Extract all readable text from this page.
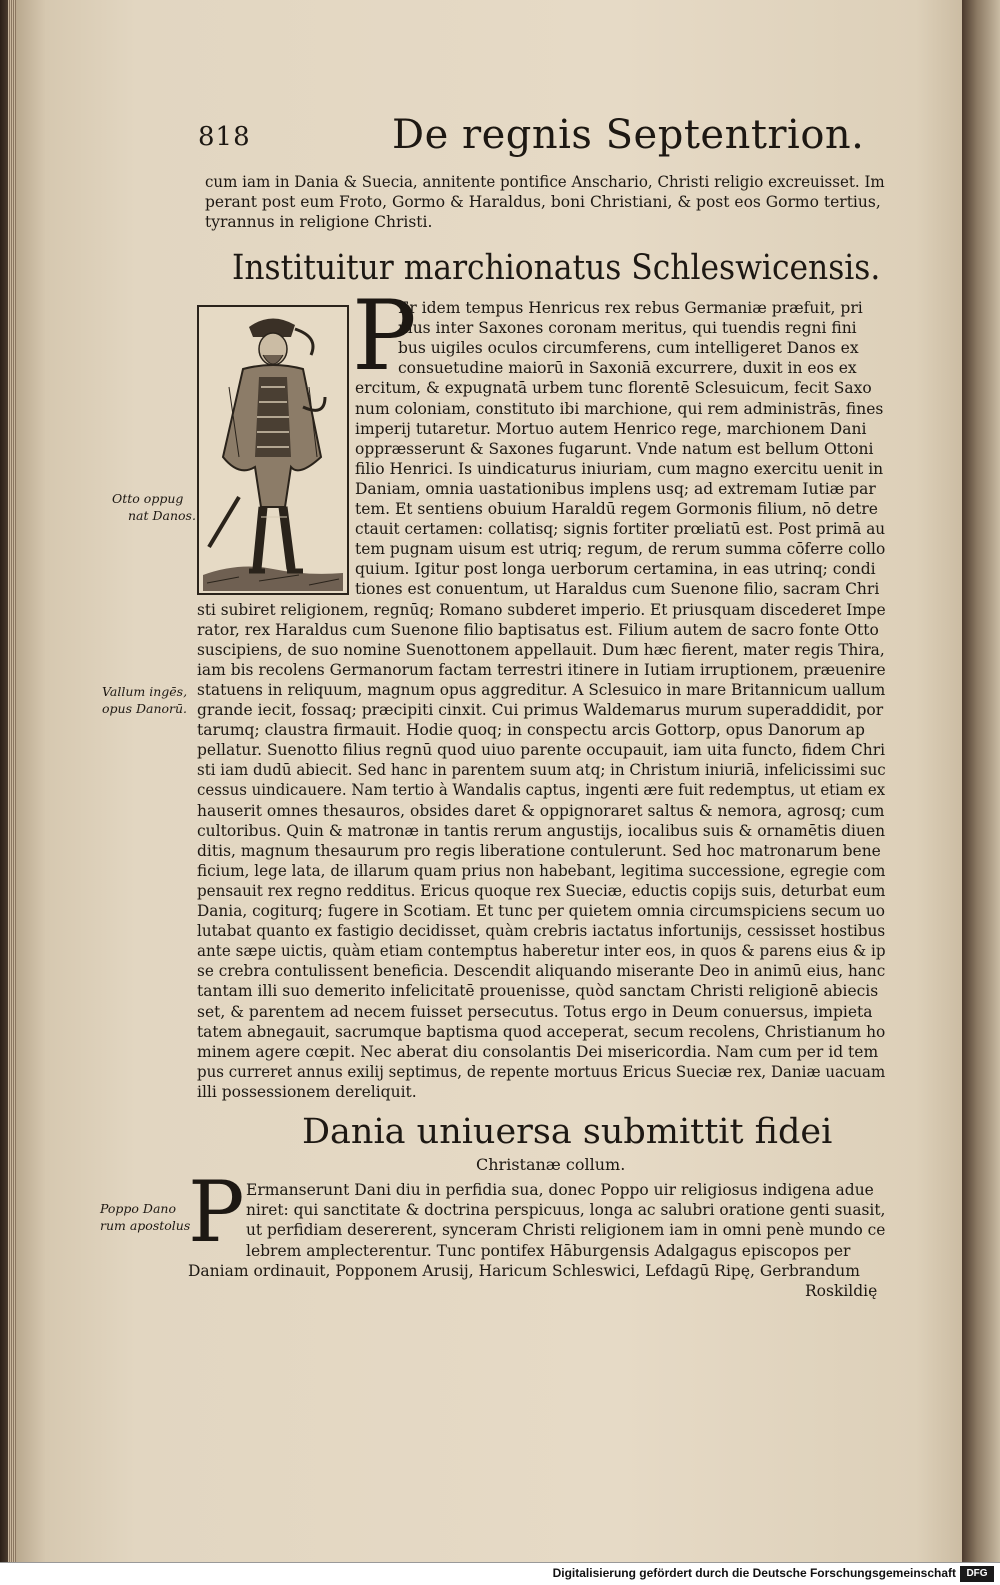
818	De regnis Septentrion.
cum iam in Dania & Suecia, annitente pontifice Anschario, Christi religio excreuisset. Im
perant post eum Froto, Gormo & Haraldus, boni Christiani, & post eos Gormo tertius,
tyrannus in religione Christi.
Instituitur marchionatus Schleswicensis.
P
Er idem tempus Henricus rex rebus Germaniæ præfuit, pri
mus inter Saxones coronam meritus, qui tuendis regni fini
bus uigiles oculos circumferens, cum intelligeret Danos ex
consuetudine maiorū in Saxoniā excurrere, duxit in eos ex
ercitum, & expugnatā urbem tunc florentē Sclesuicum, fecit Saxo
num coloniam, constituto ibi marchione, qui rem administrās, fines
imperij tutaretur. Mortuo autem Henrico rege, marchionem Dani
oppræsserunt & Saxones fugarunt. Vnde natum est bellum Ottoni
filio Henrici. Is uindicaturus iniuriam, cum magno exercitu uenit in
Daniam, omnia uastationibus implens usq; ad extremam Iutiæ par
tem. Et sentiens obuium Haraldū regem Gormonis filium, nō detre
ctauit certamen: collatisq; signis fortiter prœliatū est. Post primā au
tem pugnam uisum est utriq; regum, de rerum summa cōferre collo
quium. Igitur post longa uerborum certamina, in eas utrinq; condi
tiones est conuentum, ut Haraldus cum Suenone filio, sacram Chri
sti subiret religionem, regnūq; Romano subderet imperio. Et priusquam discederet Impe
rator, rex Haraldus cum Suenone filio baptisatus est. Filium autem de sacro fonte Otto
suscipiens, de suo nomine Suenottonem appellauit. Dum hæc fierent, mater regis Thira,
iam bis recolens Germanorum factam terrestri itinere in Iutiam irruptionem, præuenire
statuens in reliquum, magnum opus aggreditur. A Sclesuico in mare Britannicum uallum
grande iecit, fossaq; præcipiti cinxit. Cui primus Waldemarus murum superaddidit, por
tarumq; claustra firmauit. Hodie quoq; in conspectu arcis Gottorp, opus Danorum ap
pellatur. Suenotto filius regnū quod uiuo parente occupauit, iam uita functo, fidem Chri
sti iam dudū abiecit. Sed hanc in parentem suum atq; in Christum iniuriā, infelicissimi suc
cessus uindicauere. Nam tertio à Wandalis captus, ingenti ære fuit redemptus, ut etiam ex
hauserit omnes thesauros, obsides daret & oppignoraret saltus & nemora, agrosq; cum
cultoribus. Quin & matronæ in tantis rerum angustijs, iocalibus suis & ornamētis diuen
ditis, magnum thesaurum pro regis liberatione contulerunt. Sed hoc matronarum bene
ficium, lege lata, de illarum quam prius non habebant, legitima successione, egregie com
pensauit rex regno redditus. Ericus quoque rex Sueciæ, eductis copijs suis, deturbat eum
Dania, cogiturq; fugere in Scotiam. Et tunc per quietem omnia circumspiciens secum uo
lutabat quanto ex fastigio decidisset, quàm crebris iactatus infortunijs, cessisset hostibus
ante sæpe uictis, quàm etiam contemptus haberetur inter eos, in quos & parens eius & ip
se crebra contulissent beneficia. Descendit aliquando miserante Deo in animū eius, hanc
tantam illi suo demerito infelicitatē prouenisse, quòd sanctam Christi religionē abiecis
set, & parentem ad necem fuisset persecutus. Totus ergo in Deum conuersus, impieta
tatem abnegauit, sacrumque baptisma quod acceperat, secum recolens, Christianum ho
minem agere cœpit. Nec aberat diu consolantis Dei misericordia. Nam cum per id tem
pus curreret annus exilij septimus, de repente mortuus Ericus Sueciæ rex, Daniæ uacuam
illi possessionem dereliquit.
Otto oppug
nat Danos.
Vallum ingēs,
opus Danorū.
Poppo Dano
rum apostolus
Dania uniuersa submittit fidei
Christanæ collum.
P Ermanserunt Dani diu in perfidia sua, donec Poppo uir religiosus indigena adue
niret: qui sanctitate & doctrina perspicuus, longa ac salubri oratione genti suasit,
ut perfidiam desererent, synceram Christi religionem iam in omni penè mundo ce
lebrem amplecterentur. Tunc pontifex Hāburgensis Adalgagus episcopos per
Daniam ordinauit, Popponem Arusij, Haricum Schleswici, Lefdagū Ripę, Gerbrandum
Roskildię
Digitalisierung gefördert durch die Deutsche Forschungsgemeinschaft	DFG
